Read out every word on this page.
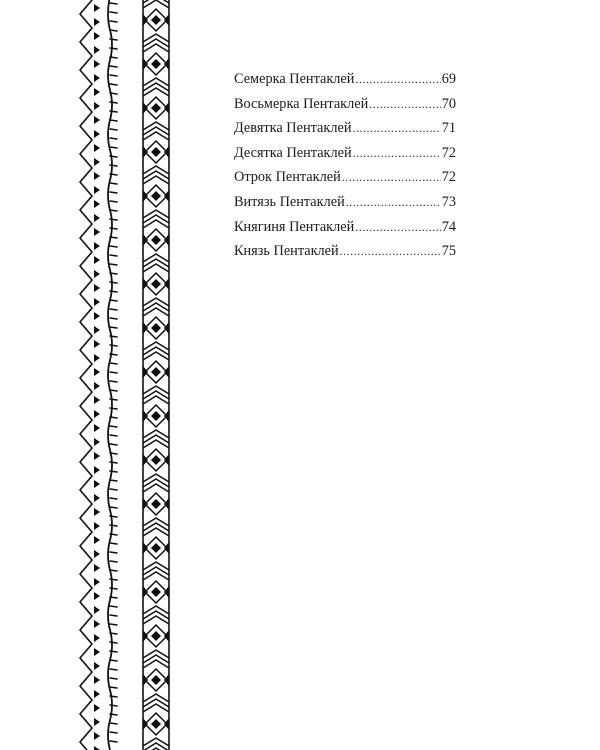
Семерка Пентаклей .....	69
Восьмерка Пентаклей .....	70
Девятка Пентаклей .....	71
Десятка Пентаклей .....	72
Отрок Пентаклей .....	72
Витязь Пентаклей .....	73
Княгиня Пентаклей .....	74
Князь Пентаклей .....	75
